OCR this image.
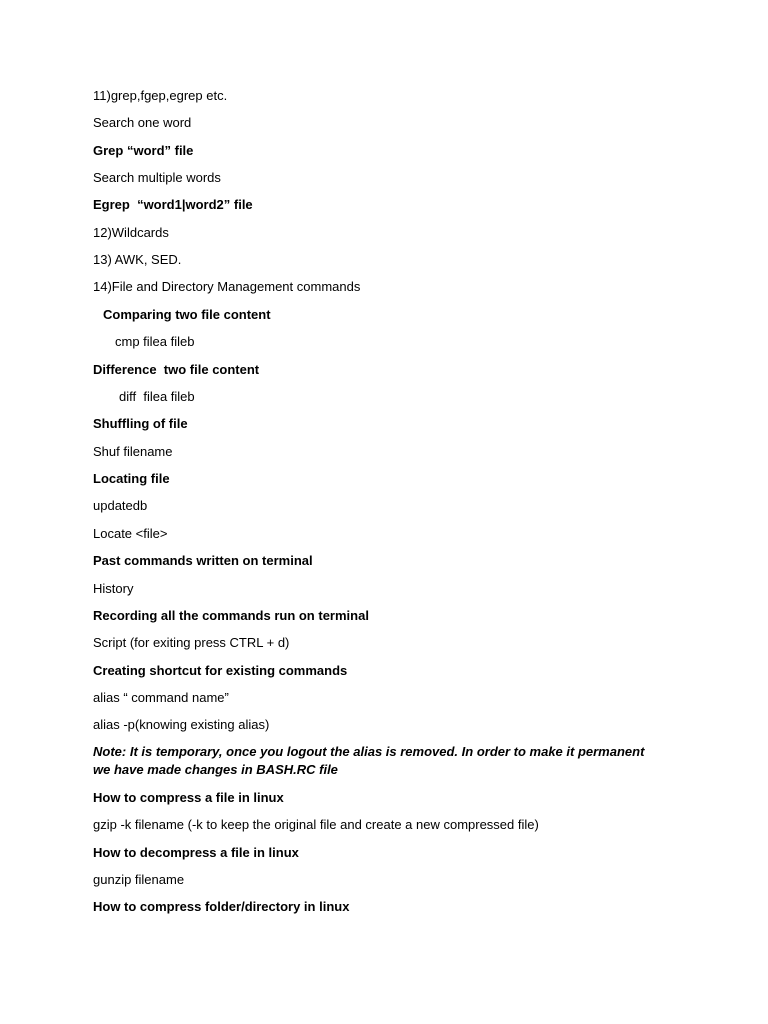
11)grep,fgep,egrep etc.

Search one word

Grep “word” file

Search multiple words

Egrep  “word1|word2” file

12)Wildcards

13) AWK, SED.

14)File and Directory Management commands

Comparing two file content

cmp filea fileb

Difference  two file content

diff  filea fileb

Shuffling of file

Shuf filename

Locating file

updatedb

Locate <file>

Past commands written on terminal

History

Recording all the commands run on terminal

Script (for exiting press CTRL + d)

Creating shortcut for existing commands

alias “ command name”

alias -p(knowing existing alias)

Note: It is temporary, once you logout the alias is removed. In order to make it permanent we have made changes in BASH.RC file

How to compress a file in linux

gzip -k filename (-k to keep the original file and create a new compressed file)

How to decompress a file in linux

gunzip filename

How to compress folder/directory in linux
